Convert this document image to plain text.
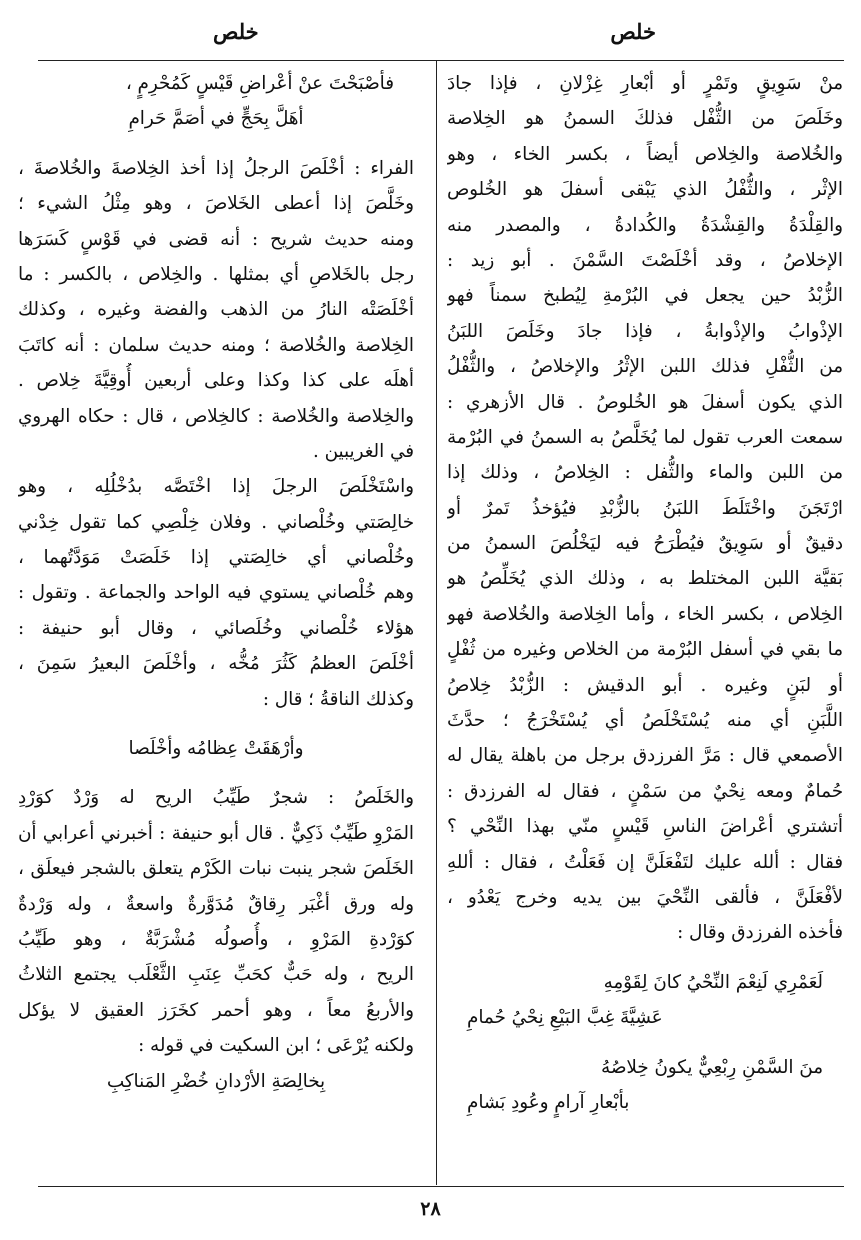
خلص
خلص
منْ سَوِيقٍ وتَمْرٍ أو أبْعارِ غِزْلانِ ، فإذا جادَ
وخَلَصَ من الثُّفْل فذلكَ السمنُ هو الخِلاصة
والخُلاصة والخِلاص أيضاً ، بكسر الخاء ، وهو
الإثْر ، والثُّفْلُ الذي يَبْقى أسفلَ هو الخُلوص
والقِلْدَةُ والقِشْدَةُ والكُدادةُ ، والمصدر منه
الإخلاصُ ، وقد أخْلَصْتَ السَّمْنَ . أبو زيد :
الزُّبْدُ حين يجعل في البُرْمةِ لِيُطبخ سمناً فهو
الإذْوابُ والإذْوابةُ ، فإذا جادَ وخَلَصَ اللبَنُ
من الثُّفْلِ فذلك اللبن الإثْرُ والإخلاصُ ، والثُّفْلُ
الذي يكون أسفلَ هو الخُلوصُ . قال الأزهري :
سمعت العرب تقول لما يُخَلَّصُ به السمنُ في البُرْمة
من اللبن والماء والثُّفل : الخِلاصُ ، وذلك إذا
ارْتَجَنَ واخْتَلَطَ اللبَنُ بالزُّبْدِ فيُؤخذُ تَمرٌ أو
دقيقٌ أو سَوِيقٌ فيُطْرَحُ فيه ليَخْلُصَ السمنُ من
بَقيَّة اللبن المختلط به ، وذلك الذي يُخَلِّصُ هو
الخِلاص ، بكسر الخاء ، وأما الخِلاصة والخُلاصة فهو
ما بقي في أسفل البُرْمة من الخلاص وغيره من ثُفْلٍ
أو لبَنٍ وغيره . أبو الدقيش : الزُّبْدُ خِلاصُ
اللَّبَنِ أي منه يُسْتَخْلَصُ أي يُسْتَخْرَجُ ؛ حدَّثَ
الأصمعي قال : مَرَّ الفرزدق برجل من باهلة يقال له
حُمامٌ ومعه نِحْيٌ من سَمْنٍ ، فقال له الفرزدق :
أتشتري أعْراضَ الناسِ قَيْسٍ منّي بهذا النِّحْي ؟
فقال : ألله عليك لتَفْعَلَنَّ إن فَعَلْتُ ، فقال : أللهِ
لأفْعَلَنَّ ، فألقى النِّحْيَ بين يديه وخرج يَعْدُو ،
فأخذه الفرزدق وقال :
لَعَمْرِي لَنِعْمَ النِّحْيُ كانَ لِقَوْمِهِ
عَشِيَّةَ غِبَّ البَيْعِ نِحْيُ حُمامِ
منَ السَّمْنِ رِبْعِيٌّ يكونُ خِلاصُهُ
بأبْعارِ آرامٍ وعُودِ بَشامِ
فأصْبَحْتَ عنْ أعْراضِ قَيْسٍ كَمُحْرِمٍ ،
أهَلَّ بِحَجٍّ في أصَمَّ حَرامِ
الفراء : أخْلَصَ الرجلُ إذا أخذ الخِلاصةَ والخُلاصةَ ،
وخَلَّصَ إذا أعطى الخَلاصَ ، وهو مِثْلُ الشيء ؛
ومنه حديث شريح : أنه قضى في قَوْسٍ كَسَرَها
رجل بالخَلاصِ أي بمثلها . والخِلاص ، بالكسر : ما
أخْلَصَتْه النارُ من الذهب والفضة وغيره ، وكذلك
الخِلاصة والخُلاصة ؛ ومنه حديث سلمان : أنه كاتَبَ
أهلَه على كذا وكذا وعلى أربعين أُوقِيَّةَ خِلاص .
والخِلاصة والخُلاصة : كالخِلاص ، قال : حكاه الهروي
في الغريبين .
واسْتَخْلَصَ الرجلَ إذا اخْتَصَّه بدُخْلُلِه ، وهو
خالِصَتي وخُلْصاني . وفلان خِلْصِي كما تقول خِدْني
وخُلْصاني أي خالِصَتي إذا خَلَصَتْ مَوَدَّتُهما ،
وهم خُلْصاني يستوي فيه الواحد والجماعة . وتقول :
هؤلاء خُلْصاني وخُلَصائي ، وقال أبو حنيفة :
أخْلَصَ العظمُ كَثُرَ مُخُّه ، وأخْلَصَ البعيرُ سَمِنَ ،
وكذلك الناقةُ ؛ قال :
وأرْهَقَتْ عِظامُه وأخْلَصا
والخَلَصُ : شجرٌ طَيِّبُ الريح له وَرْدٌ كوَرْدِ
المَرْوِ طَيِّبٌ ذَكِيٌّ . قال أبو حنيفة : أخبرني أعرابي أن
الخَلَصَ شجر ينبت نبات الكَرْم يتعلق بالشجر فيعلَق ،
وله ورق أغْبَر رِقاقٌ مُدَوَّرةٌ واسعةٌ ، وله وَرْدةٌ
كوَرْدةِ المَرْوِ ، وأُصولُه مُشْرَبَّةٌ ، وهو طَيِّبُ
الريح ، وله حَبٌّ كحَبِّ عِنَبِ الثَّعْلَب يجتمع الثلاثُ
والأربعُ معاً ، وهو أحمر كخَرَز العقيق لا يؤكل
ولكنه يُرْعَى ؛ ابن السكيت في قوله :
بِخالِصَةِ الأرْدانِ خُضْرِ المَناكِبِ
٢٨
